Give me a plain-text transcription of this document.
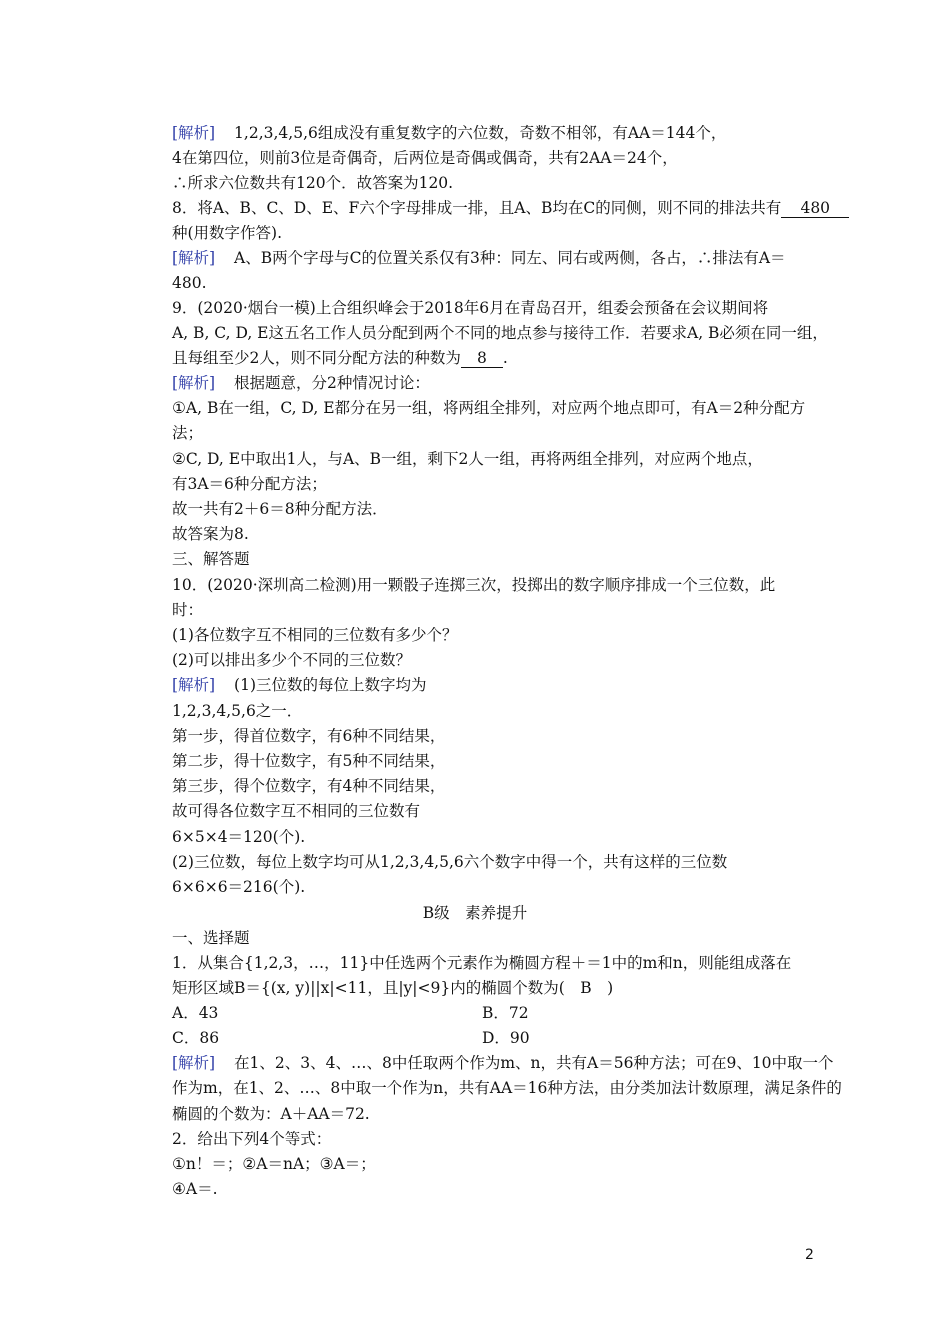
[解析] 1,2,3,4,5,6组成没有重复数字的六位数，奇数不相邻，有AA＝144个，
4在第四位，则前3位是奇偶奇，后两位是奇偶或偶奇，共有2AA＝24个，
∴所求六位数共有120个．故答案为120.
8．将A、B、C、D、E、F六个字母排成一排，且A、B均在C的同侧，则不同的排法共有 480
种(用数字作答).
[解析] A、B两个字母与C的位置关系仅有3种：同左、同右或两侧，各占，∴排法有A＝
480.
9．(2020·烟台一模)上合组织峰会于2018年6月在青岛召开，组委会预备在会议期间将
A, B, C, D, E这五名工作人员分配到两个不同的地点参与接待工作．若要求A, B必须在同一组，
且每组至少2人，则不同分配方法的种数为 8 .
[解析] 根据题意，分2种情况讨论：
①A, B在一组，C, D, E都分在另一组，将两组全排列，对应两个地点即可，有A＝2种分配方
法；
②C, D, E中取出1人，与A、B一组，剩下2人一组，再将两组全排列，对应两个地点，
有3A＝6种分配方法；
故一共有2＋6＝8种分配方法．
故答案为8.
三、解答题
10．(2020·深圳高二检测)用一颗骰子连掷三次，投掷出的数字顺序排成一个三位数，此
时：
(1)各位数字互不相同的三位数有多少个？
(2)可以排出多少个不同的三位数？
[解析] (1)三位数的每位上数字均为
1,2,3,4,5,6之一．
第一步，得首位数字，有6种不同结果，
第二步，得十位数字，有5种不同结果，
第三步，得个位数字，有4种不同结果，
故可得各位数字互不相同的三位数有
6×5×4＝120(个).
(2)三位数，每位上数字均可从1,2,3,4,5,6六个数字中得一个，共有这样的三位数
6×6×6＝216(个).
B级　素养提升
一、选择题
1．从集合{1,2,3，…，11}中任选两个元素作为椭圆方程＋＝1中的m和n，则能组成落在
矩形区域B＝{(x, y)||x|<11，且|y|<9}内的椭圆个数为(　B　)
A．43	B．72
C．86	D．90
[解析] 在1、2、3、4、…、8中任取两个作为m、n，共有A＝56种方法；可在9、10中取一个
作为m，在1、2、…、8中取一个作为n，共有AA＝16种方法，由分类加法计数原理，满足条件的
椭圆的个数为：A＋AA＝72.
2．给出下列4个等式：
①n！＝；②A＝nA；③A＝；
④A＝.
2
